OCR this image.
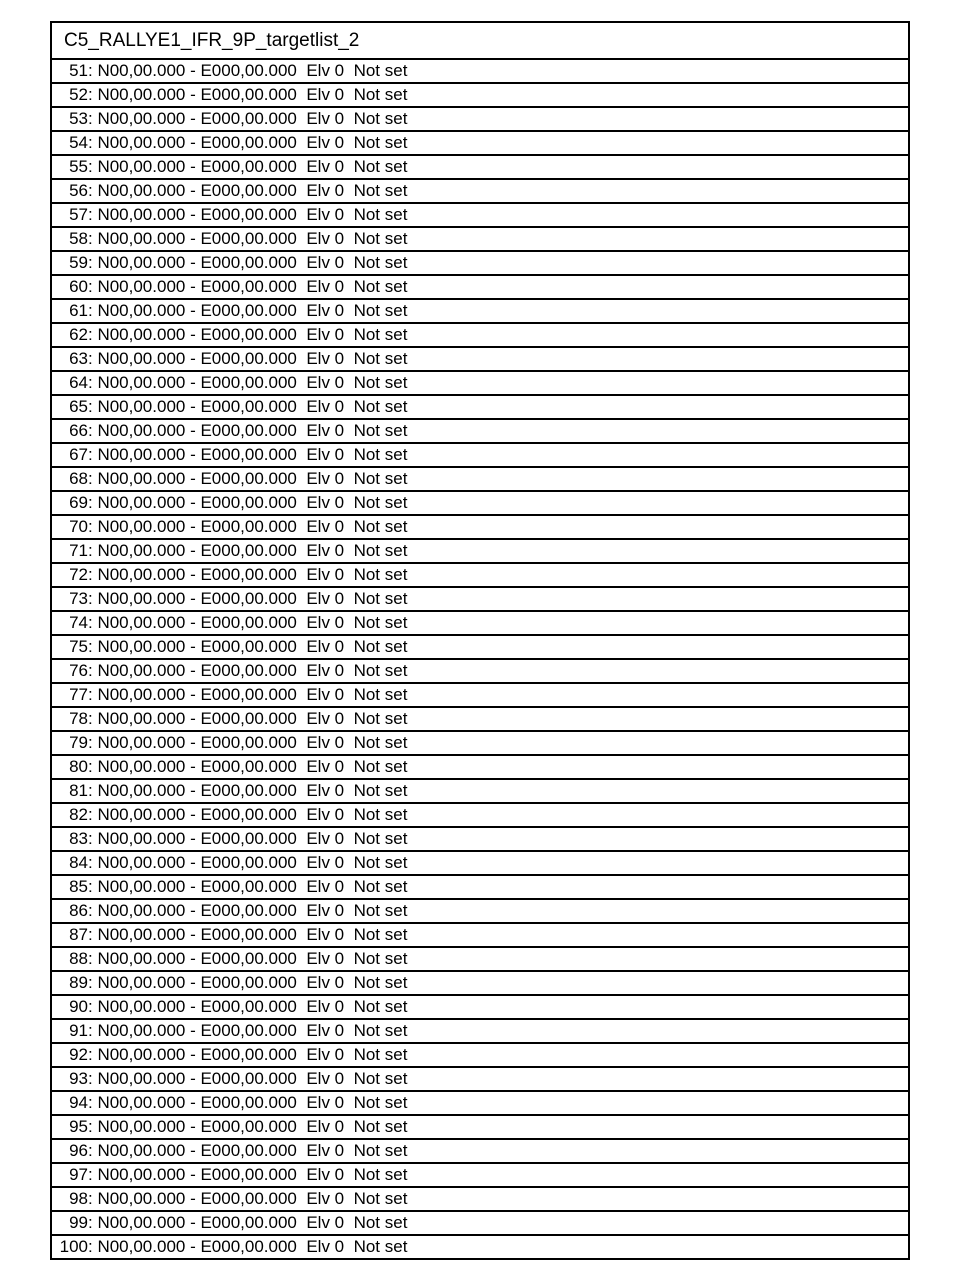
C5_RALLYE1_IFR_9P_targetlist_2
51 : N00,00.000 - E000,00.000  Elv 0  Not set
52 : N00,00.000 - E000,00.000  Elv 0  Not set
53 : N00,00.000 - E000,00.000  Elv 0  Not set
54 : N00,00.000 - E000,00.000  Elv 0  Not set
55 : N00,00.000 - E000,00.000  Elv 0  Not set
56 : N00,00.000 - E000,00.000  Elv 0  Not set
57 : N00,00.000 - E000,00.000  Elv 0  Not set
58 : N00,00.000 - E000,00.000  Elv 0  Not set
59 : N00,00.000 - E000,00.000  Elv 0  Not set
60 : N00,00.000 - E000,00.000  Elv 0  Not set
61 : N00,00.000 - E000,00.000  Elv 0  Not set
62 : N00,00.000 - E000,00.000  Elv 0  Not set
63 : N00,00.000 - E000,00.000  Elv 0  Not set
64 : N00,00.000 - E000,00.000  Elv 0  Not set
65 : N00,00.000 - E000,00.000  Elv 0  Not set
66 : N00,00.000 - E000,00.000  Elv 0  Not set
67 : N00,00.000 - E000,00.000  Elv 0  Not set
68 : N00,00.000 - E000,00.000  Elv 0  Not set
69 : N00,00.000 - E000,00.000  Elv 0  Not set
70 : N00,00.000 - E000,00.000  Elv 0  Not set
71 : N00,00.000 - E000,00.000  Elv 0  Not set
72 : N00,00.000 - E000,00.000  Elv 0  Not set
73 : N00,00.000 - E000,00.000  Elv 0  Not set
74 : N00,00.000 - E000,00.000  Elv 0  Not set
75 : N00,00.000 - E000,00.000  Elv 0  Not set
76 : N00,00.000 - E000,00.000  Elv 0  Not set
77 : N00,00.000 - E000,00.000  Elv 0  Not set
78 : N00,00.000 - E000,00.000  Elv 0  Not set
79 : N00,00.000 - E000,00.000  Elv 0  Not set
80 : N00,00.000 - E000,00.000  Elv 0  Not set
81 : N00,00.000 - E000,00.000  Elv 0  Not set
82 : N00,00.000 - E000,00.000  Elv 0  Not set
83 : N00,00.000 - E000,00.000  Elv 0  Not set
84 : N00,00.000 - E000,00.000  Elv 0  Not set
85 : N00,00.000 - E000,00.000  Elv 0  Not set
86 : N00,00.000 - E000,00.000  Elv 0  Not set
87 : N00,00.000 - E000,00.000  Elv 0  Not set
88 : N00,00.000 - E000,00.000  Elv 0  Not set
89 : N00,00.000 - E000,00.000  Elv 0  Not set
90 : N00,00.000 - E000,00.000  Elv 0  Not set
91 : N00,00.000 - E000,00.000  Elv 0  Not set
92 : N00,00.000 - E000,00.000  Elv 0  Not set
93 : N00,00.000 - E000,00.000  Elv 0  Not set
94 : N00,00.000 - E000,00.000  Elv 0  Not set
95 : N00,00.000 - E000,00.000  Elv 0  Not set
96 : N00,00.000 - E000,00.000  Elv 0  Not set
97 : N00,00.000 - E000,00.000  Elv 0  Not set
98 : N00,00.000 - E000,00.000  Elv 0  Not set
99 : N00,00.000 - E000,00.000  Elv 0  Not set
100 : N00,00.000 - E000,00.000  Elv 0  Not set
